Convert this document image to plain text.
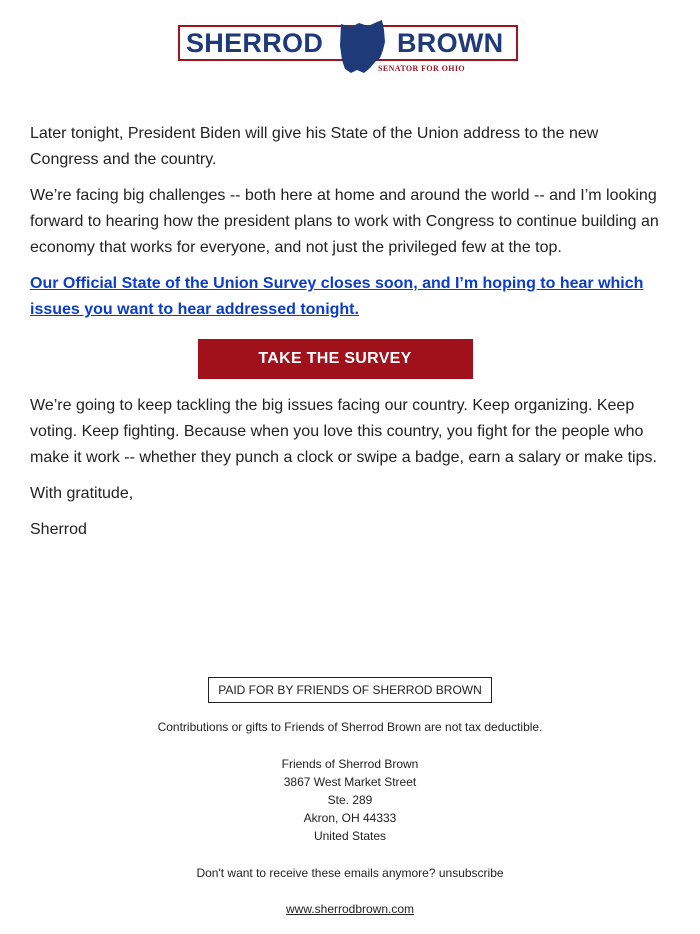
SHERROD	BROWN
SENATOR FOR OHIO

Later tonight, President Biden will give his State of the Union address to the new Congress and the country.

We’re facing big challenges -- both here at home and around the world -- and I’m looking forward to hearing how the president plans to work with Congress to continue building an economy that works for everyone, and not just the privileged few at the top.

Our Official State of the Union Survey closes soon, and I’m hoping to hear which issues you want to hear addressed tonight.
TAKE THE SURVEY

We’re going to keep tackling the big issues facing our country. Keep organizing. Keep voting. Keep fighting. Because when you love this country, you fight for the people who make it work -- whether they punch a clock or swipe a badge, earn a salary or make tips.

With gratitude,

Sherrod

PAID FOR BY FRIENDS OF SHERROD BROWN
Contributions or gifts to Friends of Sherrod Brown are not tax deductible.
Friends of Sherrod Brown
3867 West Market Street
Ste. 289
Akron, OH 44333
United States
Don't want to receive these emails anymore? unsubscribe
www.sherrodbrown.com
